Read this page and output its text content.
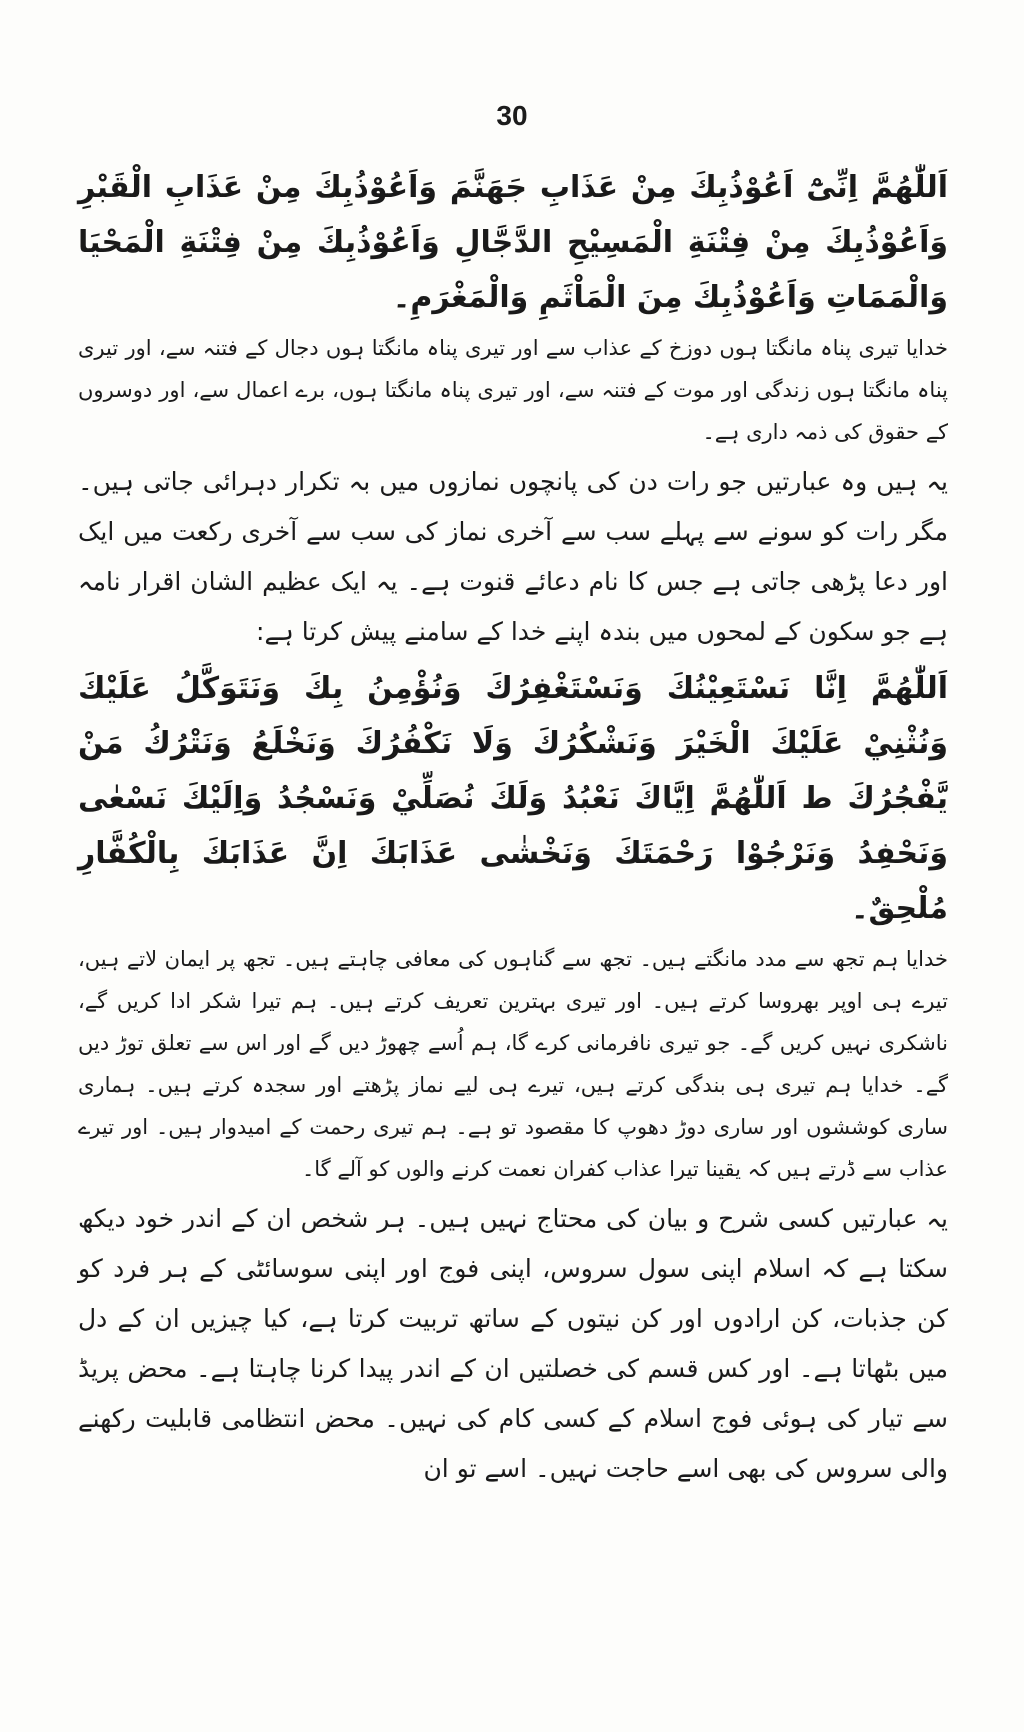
30

اَللّٰھُمَّ اِنِّیْٓ اَعُوْذُبِكَ مِنْ عَذَابِ جَھَنَّمَ وَاَعُوْذُبِكَ مِنْ عَذَابِ الْقَبْرِ وَاَعُوْذُبِكَ مِنْ فِتْنَةِ الْمَسِيْحِ الدَّجَّالِ وَاَعُوْذُبِكَ مِنْ فِتْنَةِ الْمَحْيَا وَالْمَمَاتِ وَاَعُوْذُبِكَ مِنَ الْمَاْثَمِ وَالْمَغْرَمِ۔

خدایا تیری پناہ مانگتا ہوں دوزخ کے عذاب سے اور تیری پناہ مانگتا ہوں دجال کے فتنہ سے، اور تیری پناہ مانگتا ہوں زندگی اور موت کے فتنہ سے، اور تیری پناہ مانگتا ہوں، برے اعمال سے، اور دوسروں کے حقوق کی ذمہ داری ہے۔

یہ ہیں وہ عبارتیں جو رات دن کی پانچوں نمازوں میں بہ تکرار دہرائی جاتی ہیں۔ مگر رات کو سونے سے پہلے سب سے آخری نماز کی سب سے آخری رکعت میں ایک اور دعا پڑھی جاتی ہے جس کا نام دعائے قنوت ہے۔ یہ ایک عظیم الشان اقرار نامہ ہے جو سکون کے لمحوں میں بندہ اپنے خدا کے سامنے پیش کرتا ہے:

اَللّٰھُمَّ اِنَّا نَسْتَعِيْنُكَ وَنَسْتَغْفِرُكَ وَنُؤْمِنُ بِكَ وَنَتَوَكَّلُ عَلَيْكَ وَنُثْنِيْ عَلَيْكَ الْخَيْرَ وَنَشْكُرُكَ وَلَا نَكْفُرُكَ وَنَخْلَعُ وَنَتْرُكُ مَنْ يَّفْجُرُكَ ط اَللّٰھُمَّ اِيَّاكَ نَعْبُدُ وَلَكَ نُصَلِّيْ وَنَسْجُدُ وَاِلَيْكَ نَسْعٰى وَنَحْفِدُ وَنَرْجُوْا رَحْمَتَكَ وَنَخْشٰى عَذَابَكَ اِنَّ عَذَابَكَ بِالْكُفَّارِ مُلْحِقٌ۔

خدایا ہم تجھ سے مدد مانگتے ہیں۔ تجھ سے گناہوں کی معافی چاہتے ہیں۔ تجھ پر ایمان لاتے ہیں، تیرے ہی اوپر بھروسا کرتے ہیں۔ اور تیری بہترین تعریف کرتے ہیں۔ ہم تیرا شکر ادا کریں گے، ناشکری نہیں کریں گے۔ جو تیری نافرمانی کرے گا، ہم اُسے چھوڑ دیں گے اور اس سے تعلق توڑ دیں گے۔ خدایا ہم تیری ہی بندگی کرتے ہیں، تیرے ہی لیے نماز پڑھتے اور سجدہ کرتے ہیں۔ ہماری ساری کوششوں اور ساری دوڑ دھوپ کا مقصود تو ہے۔ ہم تیری رحمت کے امیدوار ہیں۔ اور تیرے عذاب سے ڈرتے ہیں کہ یقینا تیرا عذاب کفران نعمت کرنے والوں کو آلے گا۔

یہ عبارتیں کسی شرح و بیان کی محتاج نہیں ہیں۔ ہر شخص ان کے اندر خود دیکھ سکتا ہے کہ اسلام اپنی سول سروس، اپنی فوج اور اپنی سوسائٹی کے ہر فرد کو کن جذبات، کن ارادوں اور کن نیتوں کے ساتھ تربیت کرتا ہے، کیا چیزیں ان کے دل میں بٹھاتا ہے۔ اور کس قسم کی خصلتیں ان کے اندر پیدا کرنا چاہتا ہے۔ محض پریڈ سے تیار کی ہوئی فوج اسلام کے کسی کام کی نہیں۔ محض انتظامی قابلیت رکھنے والی سروس کی بھی اسے حاجت نہیں۔ اسے تو ان
